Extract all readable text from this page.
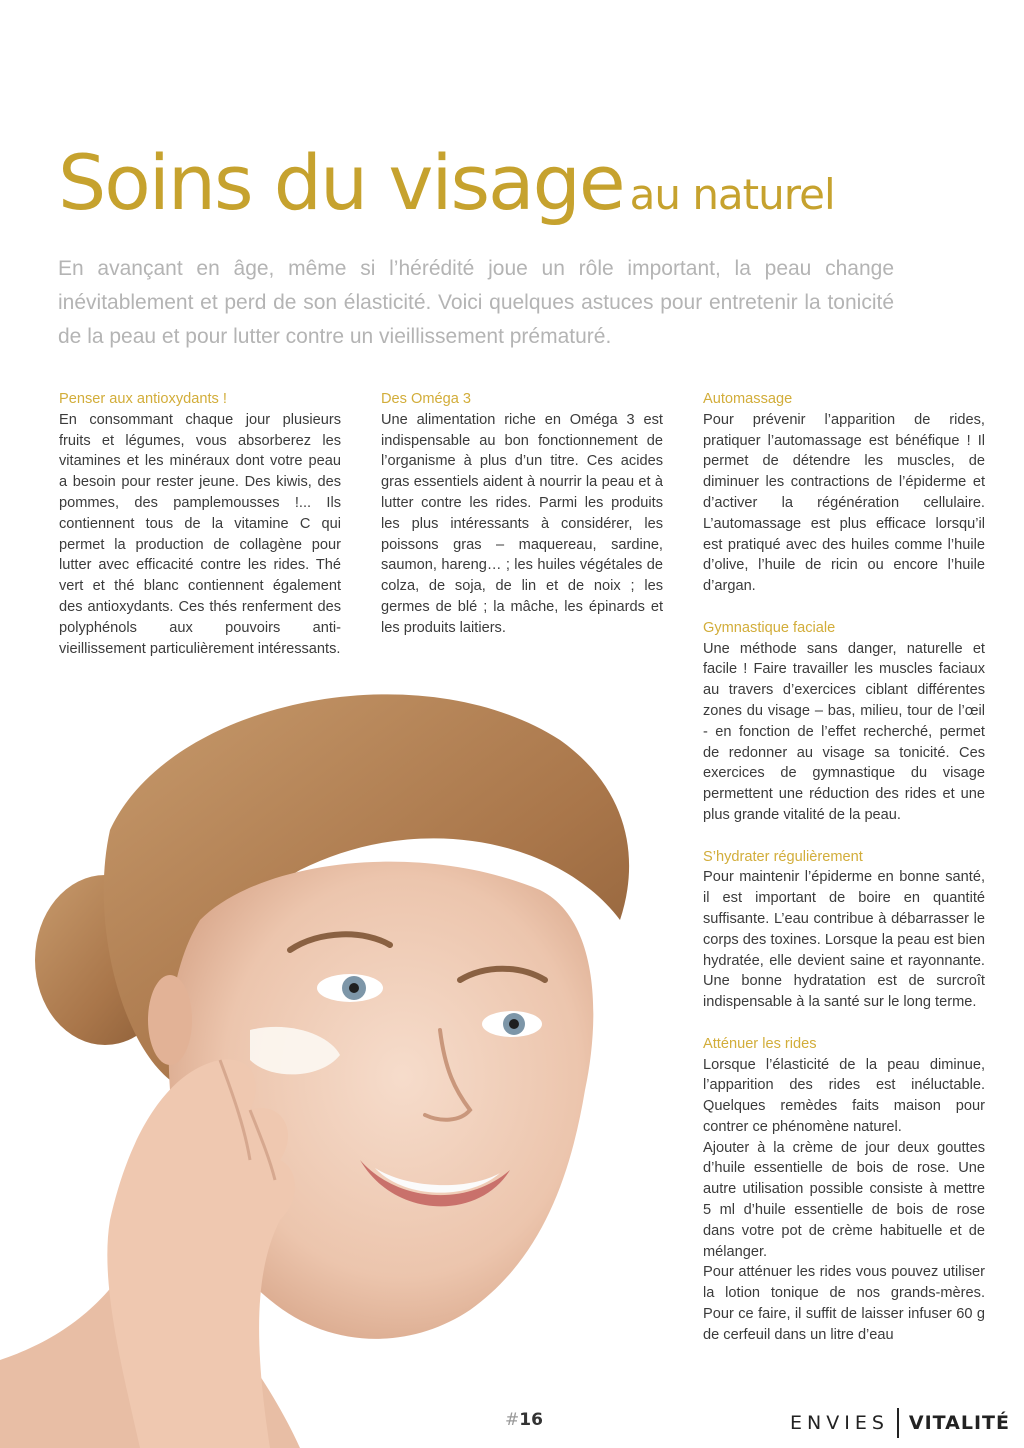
Soins du visage au naturel

En avançant en âge, même si l’hérédité joue un rôle important, la peau change inévitablement et perd de son élasticité. Voici quelques astuces pour entretenir la tonicité de la peau et pour lutter contre un vieillissement prématuré.

Penser aux antioxydants !

En consommant chaque jour plusieurs fruits et légumes, vous absorberez les vitamines et les minéraux dont votre peau a besoin pour rester jeune. Des kiwis, des pommes, des pamplemousses !... Ils contiennent tous de la vitamine C qui permet la production de collagène pour lutter avec efficacité contre les rides. Thé vert et thé blanc contiennent également des antioxydants. Ces thés renferment des polyphénols aux pouvoirs anti-vieillissement particulièrement intéressants.

Des Oméga 3

Une alimentation riche en Oméga 3 est indispensable au bon fonctionnement de l’organisme à plus d’un titre. Ces acides gras essentiels aident à nourrir la peau et à lutter contre les rides. Parmi les produits les plus intéressants à considérer, les poissons gras – maquereau, sardine, saumon, hareng… ; les huiles végétales de colza, de soja, de lin et de noix ; les germes de blé ; la mâche, les épinards et les produits laitiers.

Automassage

Pour prévenir l’apparition de rides, pratiquer l’automassage est bénéfique ! Il permet de détendre les muscles, de diminuer les contractions de l’épiderme et d’activer la régénération cellulaire. L’automassage est plus efficace lorsqu’il est pratiqué avec des huiles comme l’huile d’olive, l’huile de ricin ou encore l’huile d’argan.

Gymnastique faciale

Une méthode sans danger, naturelle et facile ! Faire travailler les muscles faciaux au travers d’exercices ciblant différentes zones du visage – bas, milieu, tour de l’œil - en fonction de l’effet recherché, permet de redonner au visage sa tonicité. Ces exercices de gymnastique du visage permettent une réduction des rides et une plus grande vitalité de la peau.

S’hydrater régulièrement

Pour maintenir l’épiderme en bonne santé, il est important de boire en quantité suffisante. L’eau contribue à débarrasser le corps des toxines. Lorsque la peau est bien hydratée, elle devient saine et rayonnante. Une bonne hydratation est de surcroît indispensable à la santé sur le long terme.

Atténuer les rides

Lorsque l’élasticité de la peau diminue, l’apparition des rides est inéluctable. Quelques remèdes faits maison pour contrer ce phénomène naturel.

Ajouter à la crème de jour deux gouttes d’huile essentielle de bois de rose. Une autre utilisation possible consiste à mettre 5 ml d’huile essentielle de bois de rose dans votre pot de crème habituelle et de mélanger.

Pour atténuer les rides vous pouvez utiliser la lotion tonique de nos grands-mères. Pour ce faire, il suffit de laisser infuser 60 g de cerfeuil dans un litre d’eau

#16	ENVIES VITALITÉ
